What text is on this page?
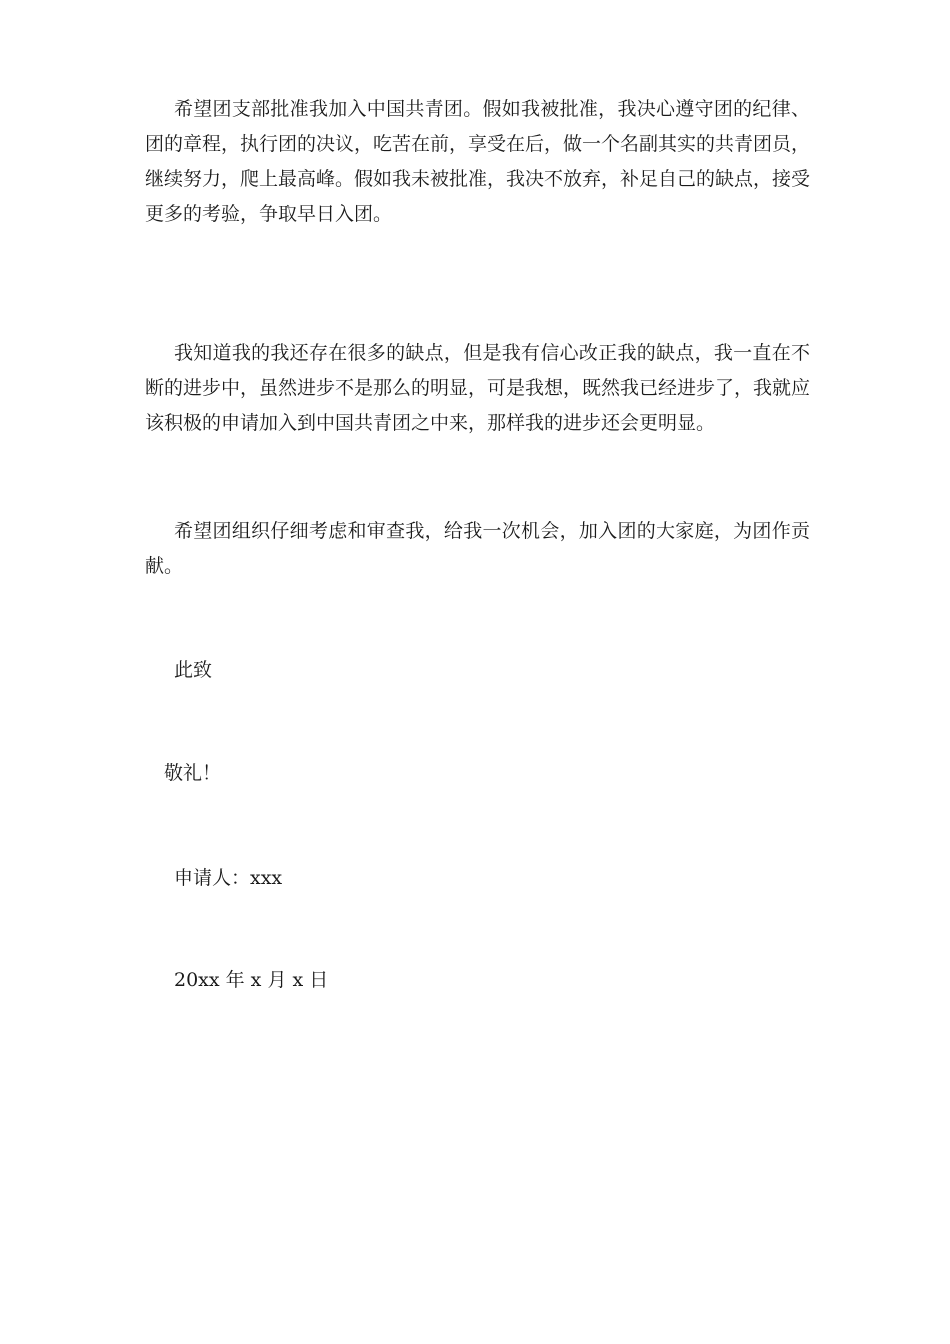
希望团支部批准我加入中国共青团。假如我被批准，我决心遵守团的纪律、团的章程，执行团的决议，吃苦在前，享受在后，做一个名副其实的共青团员，继续努力，爬上最高峰。假如我未被批准，我决不放弃，补足自己的缺点，接受更多的考验，争取早日入团。

我知道我的我还存在很多的缺点，但是我有信心改正我的缺点，我一直在不断的进步中，虽然进步不是那么的明显，可是我想，既然我已经进步了，我就应该积极的申请加入到中国共青团之中来，那样我的进步还会更明显。

希望团组织仔细考虑和审查我，给我一次机会，加入团的大家庭，为团作贡献。

此致

敬礼！

申请人：xxx

20xx 年 x 月 x 日
